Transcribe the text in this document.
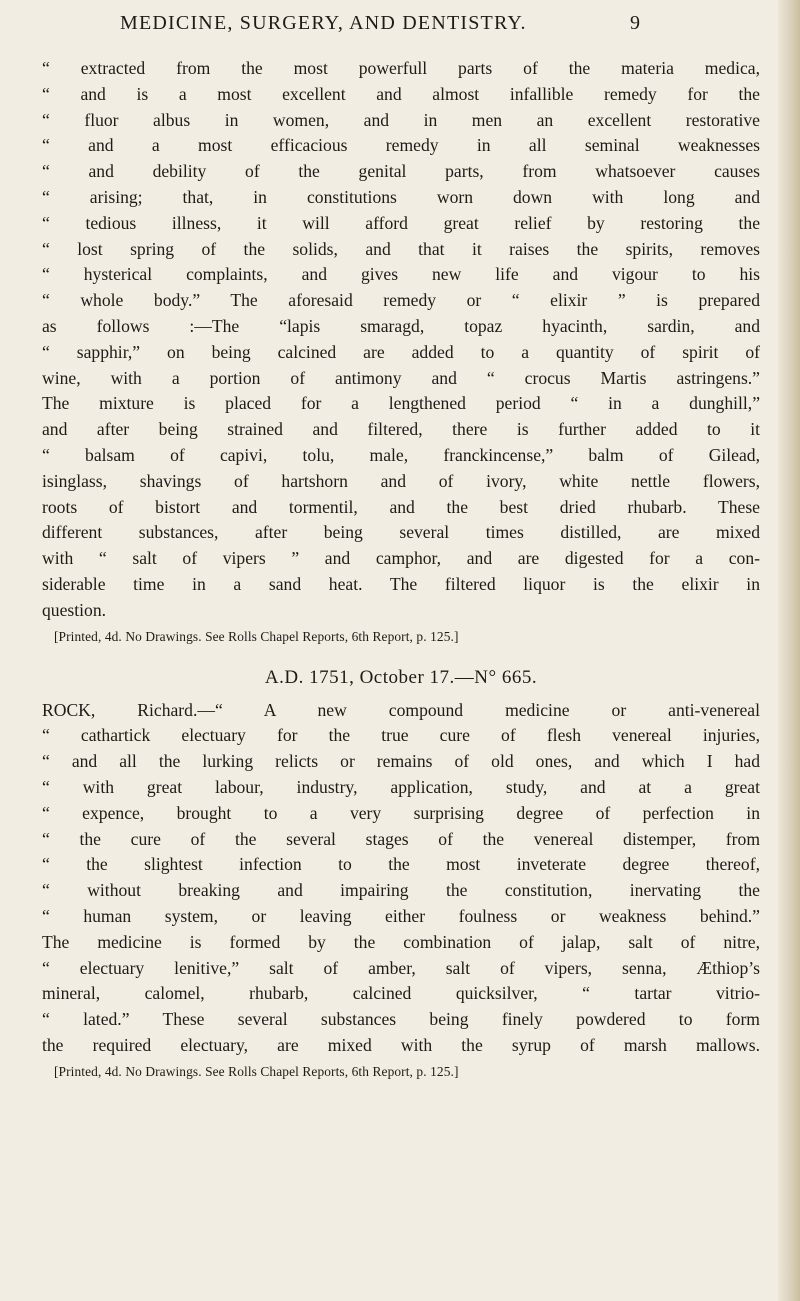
MEDICINE, SURGERY, AND DENTISTRY.	9
“ extracted from the most powerfull parts of the materia medica,
“ and is a most excellent and almost infallible remedy for the
“ fluor albus in women, and in men an excellent restorative
“ and a most efficacious remedy in all seminal weaknesses
“ and debility of the genital parts, from whatsoever causes
“ arising; that, in constitutions worn down with long and
“ tedious illness, it will afford great relief by restoring the
“ lost spring of the solids, and that it raises the spirits, removes
“ hysterical complaints, and gives new life and vigour to his
“ whole body.” The aforesaid remedy or “ elixir ” is prepared
as follows :—The “lapis smaragd, topaz hyacinth, sardin, and
“ sapphir,” on being calcined are added to a quantity of spirit of
wine, with a portion of antimony and “ crocus Martis astringens.”
The mixture is placed for a lengthened period “ in a dunghill,”
and after being strained and filtered, there is further added to it
“ balsam of capivi, tolu, male, franckincense,” balm of Gilead,
isinglass, shavings of hartshorn and of ivory, white nettle flowers,
roots of bistort and tormentil, and the best dried rhubarb. These
different substances, after being several times distilled, are mixed
with “ salt of vipers ” and camphor, and are digested for a con-
siderable time in a sand heat. The filtered liquor is the elixir in
question.
[Printed, 4d. No Drawings. See Rolls Chapel Reports, 6th Report, p. 125.]
A.D. 1751, October 17.—N° 665.
ROCK, Richard.—“ A new compound medicine or anti-venereal
“ cathartick electuary for the true cure of flesh venereal injuries,
“ and all the lurking relicts or remains of old ones, and which I had
“ with great labour, industry, application, study, and at a great
“ expence, brought to a very surprising degree of perfection in
“ the cure of the several stages of the venereal distemper, from
“ the slightest infection to the most inveterate degree thereof,
“ without breaking and impairing the constitution, inervating the
“ human system, or leaving either foulness or weakness behind.”
The medicine is formed by the combination of jalap, salt of nitre,
“ electuary lenitive,” salt of amber, salt of vipers, senna, Æthiop’s
mineral, calomel, rhubarb, calcined quicksilver, “ tartar vitrio-
“ lated.” These several substances being finely powdered to form
the required electuary, are mixed with the syrup of marsh mallows.
[Printed, 4d. No Drawings. See Rolls Chapel Reports, 6th Report, p. 125.]
